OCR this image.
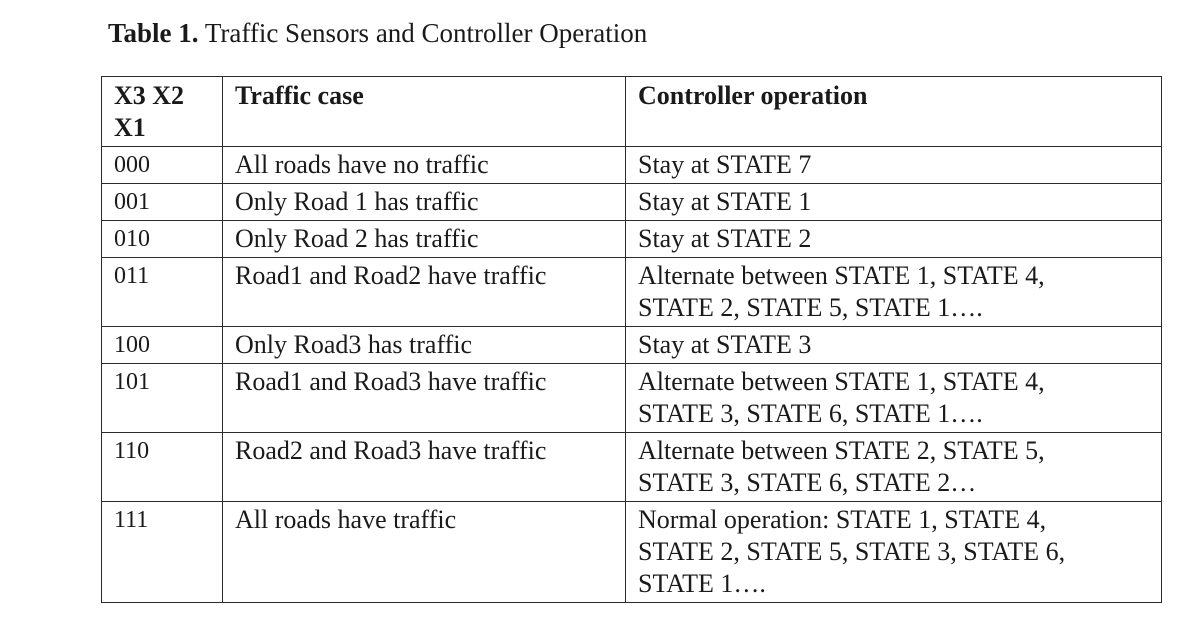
Table 1. Traffic Sensors and Controller Operation
X3 X2 X1	Traffic case	Controller operation
000	All roads have no traffic	Stay at STATE 7

001	Only Road 1 has traffic	Stay at STATE 1

010	Only Road 2 has traffic	Stay at STATE 2

011	Road1 and Road2 have traffic	Alternate between STATE 1, STATE 4,
STATE 2, STATE 5, STATE 1….

100	Only Road3 has traffic	Stay at STATE 3

101	Road1 and Road3 have traffic	Alternate between STATE 1, STATE 4,
STATE 3, STATE 6, STATE 1….

110	Road2 and Road3 have traffic	Alternate between STATE 2, STATE 5,
STATE 3, STATE 6, STATE 2…

111	All roads have traffic	Normal operation: STATE 1, STATE 4,
STATE 2, STATE 5, STATE 3, STATE 6,
STATE 1….
